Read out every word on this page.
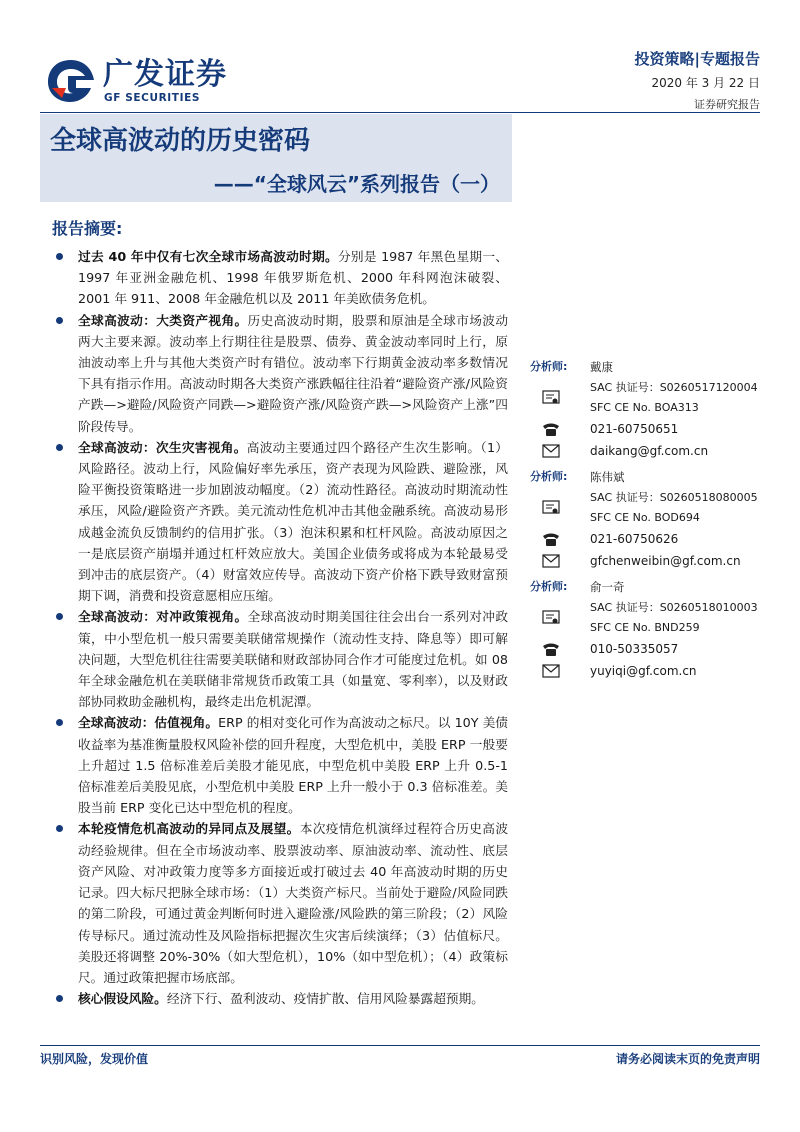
广发证券
GF SECURITIES
投资策略|专题报告
2020 年 3 月 22 日
证券研究报告
全球高波动的历史密码
——“全球风云”系列报告（一）
报告摘要:
过去 40 年中仅有七次全球市场高波动时期。分别是 1987 年黑色星期一、1997 年亚洲金融危机、1998 年俄罗斯危机、2000 年科网泡沫破裂、2001 年 911、2008 年金融危机以及 2011 年美欧债务危机。
全球高波动：大类资产视角。历史高波动时期，股票和原油是全球市场波动两大主要来源。波动率上行期往往是股票、债券、黄金波动率同时上行，原油波动率上升与其他大类资产时有错位。波动率下行期黄金波动率多数情况下具有指示作用。高波动时期各大类资产涨跌幅往往沿着“避险资产涨/风险资产跌—>避险/风险资产同跌—>避险资产涨/风险资产跌—>风险资产上涨”四阶段传导。
全球高波动：次生灾害视角。高波动主要通过四个路径产生次生影响。（1）风险路径。波动上行，风险偏好率先承压，资产表现为风险跌、避险涨，风险平衡投资策略进一步加剧波动幅度。（2）流动性路径。高波动时期流动性承压，风险/避险资产齐跌。美元流动性危机冲击其他金融系统。高波动易形成越金流负反馈制约的信用扩张。（3）泡沫积累和杠杆风险。高波动原因之一是底层资产崩塌并通过杠杆效应放大。美国企业债务或将成为本轮最易受到冲击的底层资产。（4）财富效应传导。高波动下资产价格下跌导致财富预期下调，消费和投资意愿相应压缩。
全球高波动：对冲政策视角。全球高波动时期美国往往会出台一系列对冲政策，中小型危机一般只需要美联储常规操作（流动性支持、降息等）即可解决问题，大型危机往往需要美联储和财政部协同合作才可能度过危机。如 08 年全球金融危机在美联储非常规货币政策工具（如量宽、零利率），以及财政部协同救助金融机构，最终走出危机泥潭。
全球高波动：估值视角。ERP 的相对变化可作为高波动之标尺。以 10Y 美债收益率为基准衡量股权风险补偿的回升程度，大型危机中，美股 ERP 一般要上升超过 1.5 倍标准差后美股才能见底，中型危机中美股 ERP 上升 0.5-1 倍标准差后美股见底，小型危机中美股 ERP 上升一般小于 0.3 倍标准差。美股当前 ERP 变化已达中型危机的程度。
本轮疫情危机高波动的异同点及展望。本次疫情危机演绎过程符合历史高波动经验规律。但在全市场波动率、股票波动率、原油波动率、流动性、底层资产风险、对冲政策力度等多方面接近或打破过去 40 年高波动时期的历史记录。四大标尺把脉全球市场：（1）大类资产标尺。当前处于避险/风险同跌的第二阶段，可通过黄金判断何时进入避险涨/风险跌的第三阶段；（2）风险传导标尺。通过流动性及风险指标把握次生灾害后续演绎；（3）估值标尺。美股还将调整 20%-30%（如大型危机），10%（如中型危机）；（4）政策标尺。通过政策把握市场底部。
核心假设风险。经济下行、盈利波动、疫情扩散、信用风险暴露超预期。
分析师: 戴康
SAC 执证号：S0260517120004
SFC CE No. BOA313
021-60750651
daikang@gf.com.cn
分析师: 陈伟斌
SAC 执证号：S0260518080005
SFC CE No. BOD694
021-60750626
gfchenweibin@gf.com.cn
分析师: 俞一奇
SAC 执证号：S0260518010003
SFC CE No. BND259
010-50335057
yuyiqi@gf.com.cn
识别风险，发现价值	请务必阅读末页的免责声明
